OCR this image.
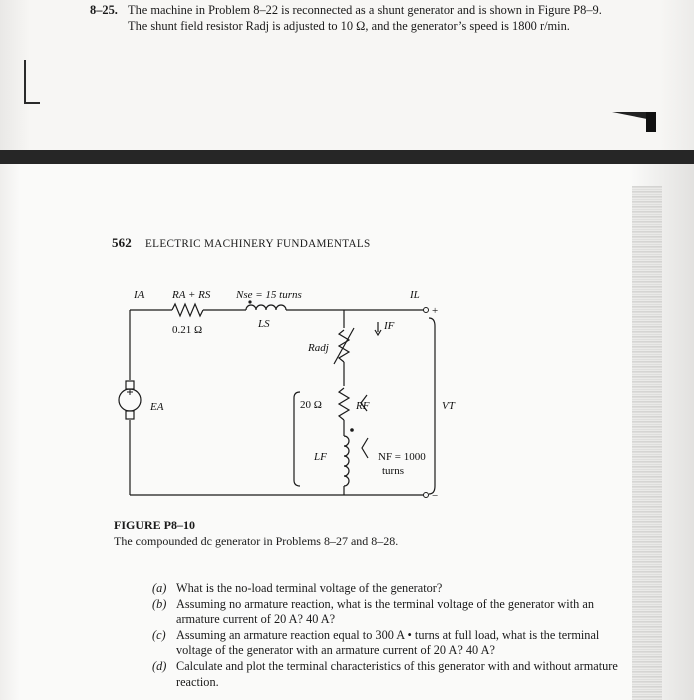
8–25. The machine in Problem 8–22 is reconnected as a shunt generator and is shown in Figure P8–9. The shunt field resistor Radj is adjusted to 10 Ω, and the generator’s speed is 1800 r/min.
562 ELECTRIC MACHINERY FUNDAMENTALS
IA	RA + RS Nse = 15 turns
0.21 Ω	LS	IF
IL
Radj
20 Ω	RF
EA	VT
LF	NF = 1000
turns
+
−
FIGURE P8–10
The compounded dc generator in Problems 8–27 and 8–28.
(a) What is the no-load terminal voltage of the generator?
(b) Assuming no armature reaction, what is the terminal voltage of the generator with an armature current of 20 A? 40 A?
(c) Assuming an armature reaction equal to 300 A • turns at full load, what is the terminal voltage of the generator with an armature current of 20 A? 40 A?
(d) Calculate and plot the terminal characteristics of this generator with and without armature reaction.
